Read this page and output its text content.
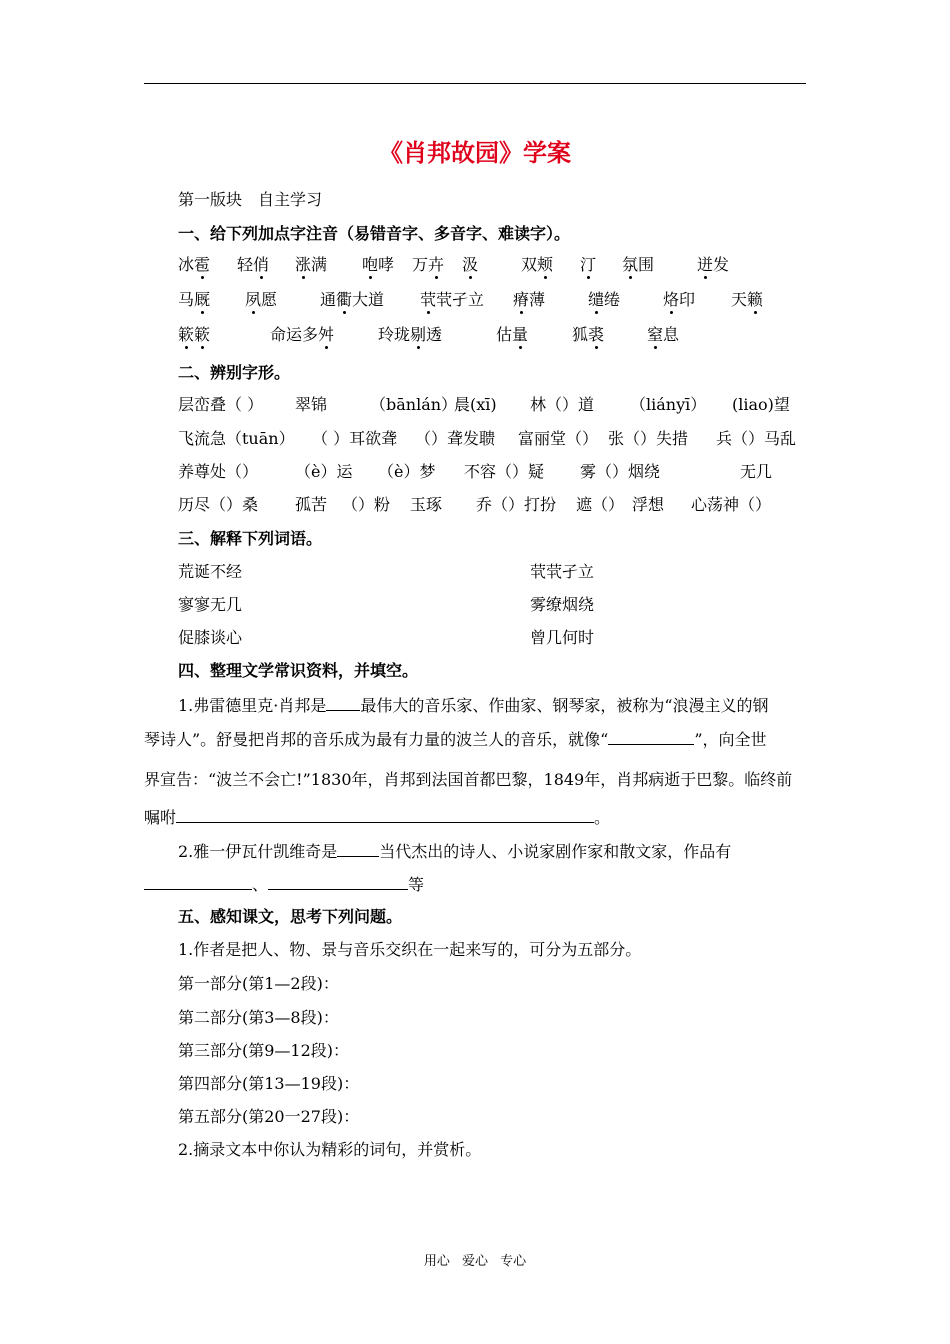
《肖邦故园》学案
第一版块　自主学习
一、给下列加点字注音（易错音字、多音字、难读字）。
冰雹 轻俏 涨满 咆哮 万卉 汲	双颊 汀 氛围	迸发
马厩 夙愿	通衢大道 茕茕孑立 瘠薄	缱绻	烙印 天籁
簌簌	命运多舛	玲珑剔透	估量	狐裘	窒息
二、辨别字形。
层峦叠（ ） 翠锦	（bānlán）
晨(xī) 林（）道 （liányī） (liao)望
飞流急（tuān） （ ）耳欲聋 （）聋发聩 富丽堂（） 张（）失措 兵（）马乱
养尊处（） （è）运 （è）梦 不容（）疑 雾（）烟绕	无几
历尽（）桑 孤苦 （）粉 玉琢 乔（）打扮 遮（） 浮想 心荡神（）
三、解释下列词语。
荒诞不经	茕茕孑立
寥寥无几	雾缭烟绕
促膝谈心	曾几何时
四、整理文学常识资料，并填空。
1.弗雷德里克·肖邦是 最伟大的音乐家、作曲家、钢琴家，被称为“浪漫主义的钢
琴诗人”。舒曼把肖邦的音乐成为最有力量的波兰人的音乐，就像“	”，向全世
界宣告：“波兰不会亡!”1830年，肖邦到法国首都巴黎，1849年，肖邦病逝于巴黎。临终前
嘱咐	。
2.雅一伊瓦什凯维奇是	当代杰出的诗人、小说家剧作家和散文家，作品有
、	等
五、感知课文，思考下列问题。
1.作者是把人、物、景与音乐交织在一起来写的，可分为五部分。
第一部分(第1—2段)：
第二部分(第3—8段)：
第三部分(第9—12段)：
第四部分(第13—19段)：
第五部分(第20一27段)：
2.摘录文本中你认为精彩的词句，并赏析。
用心 爱心 专心
